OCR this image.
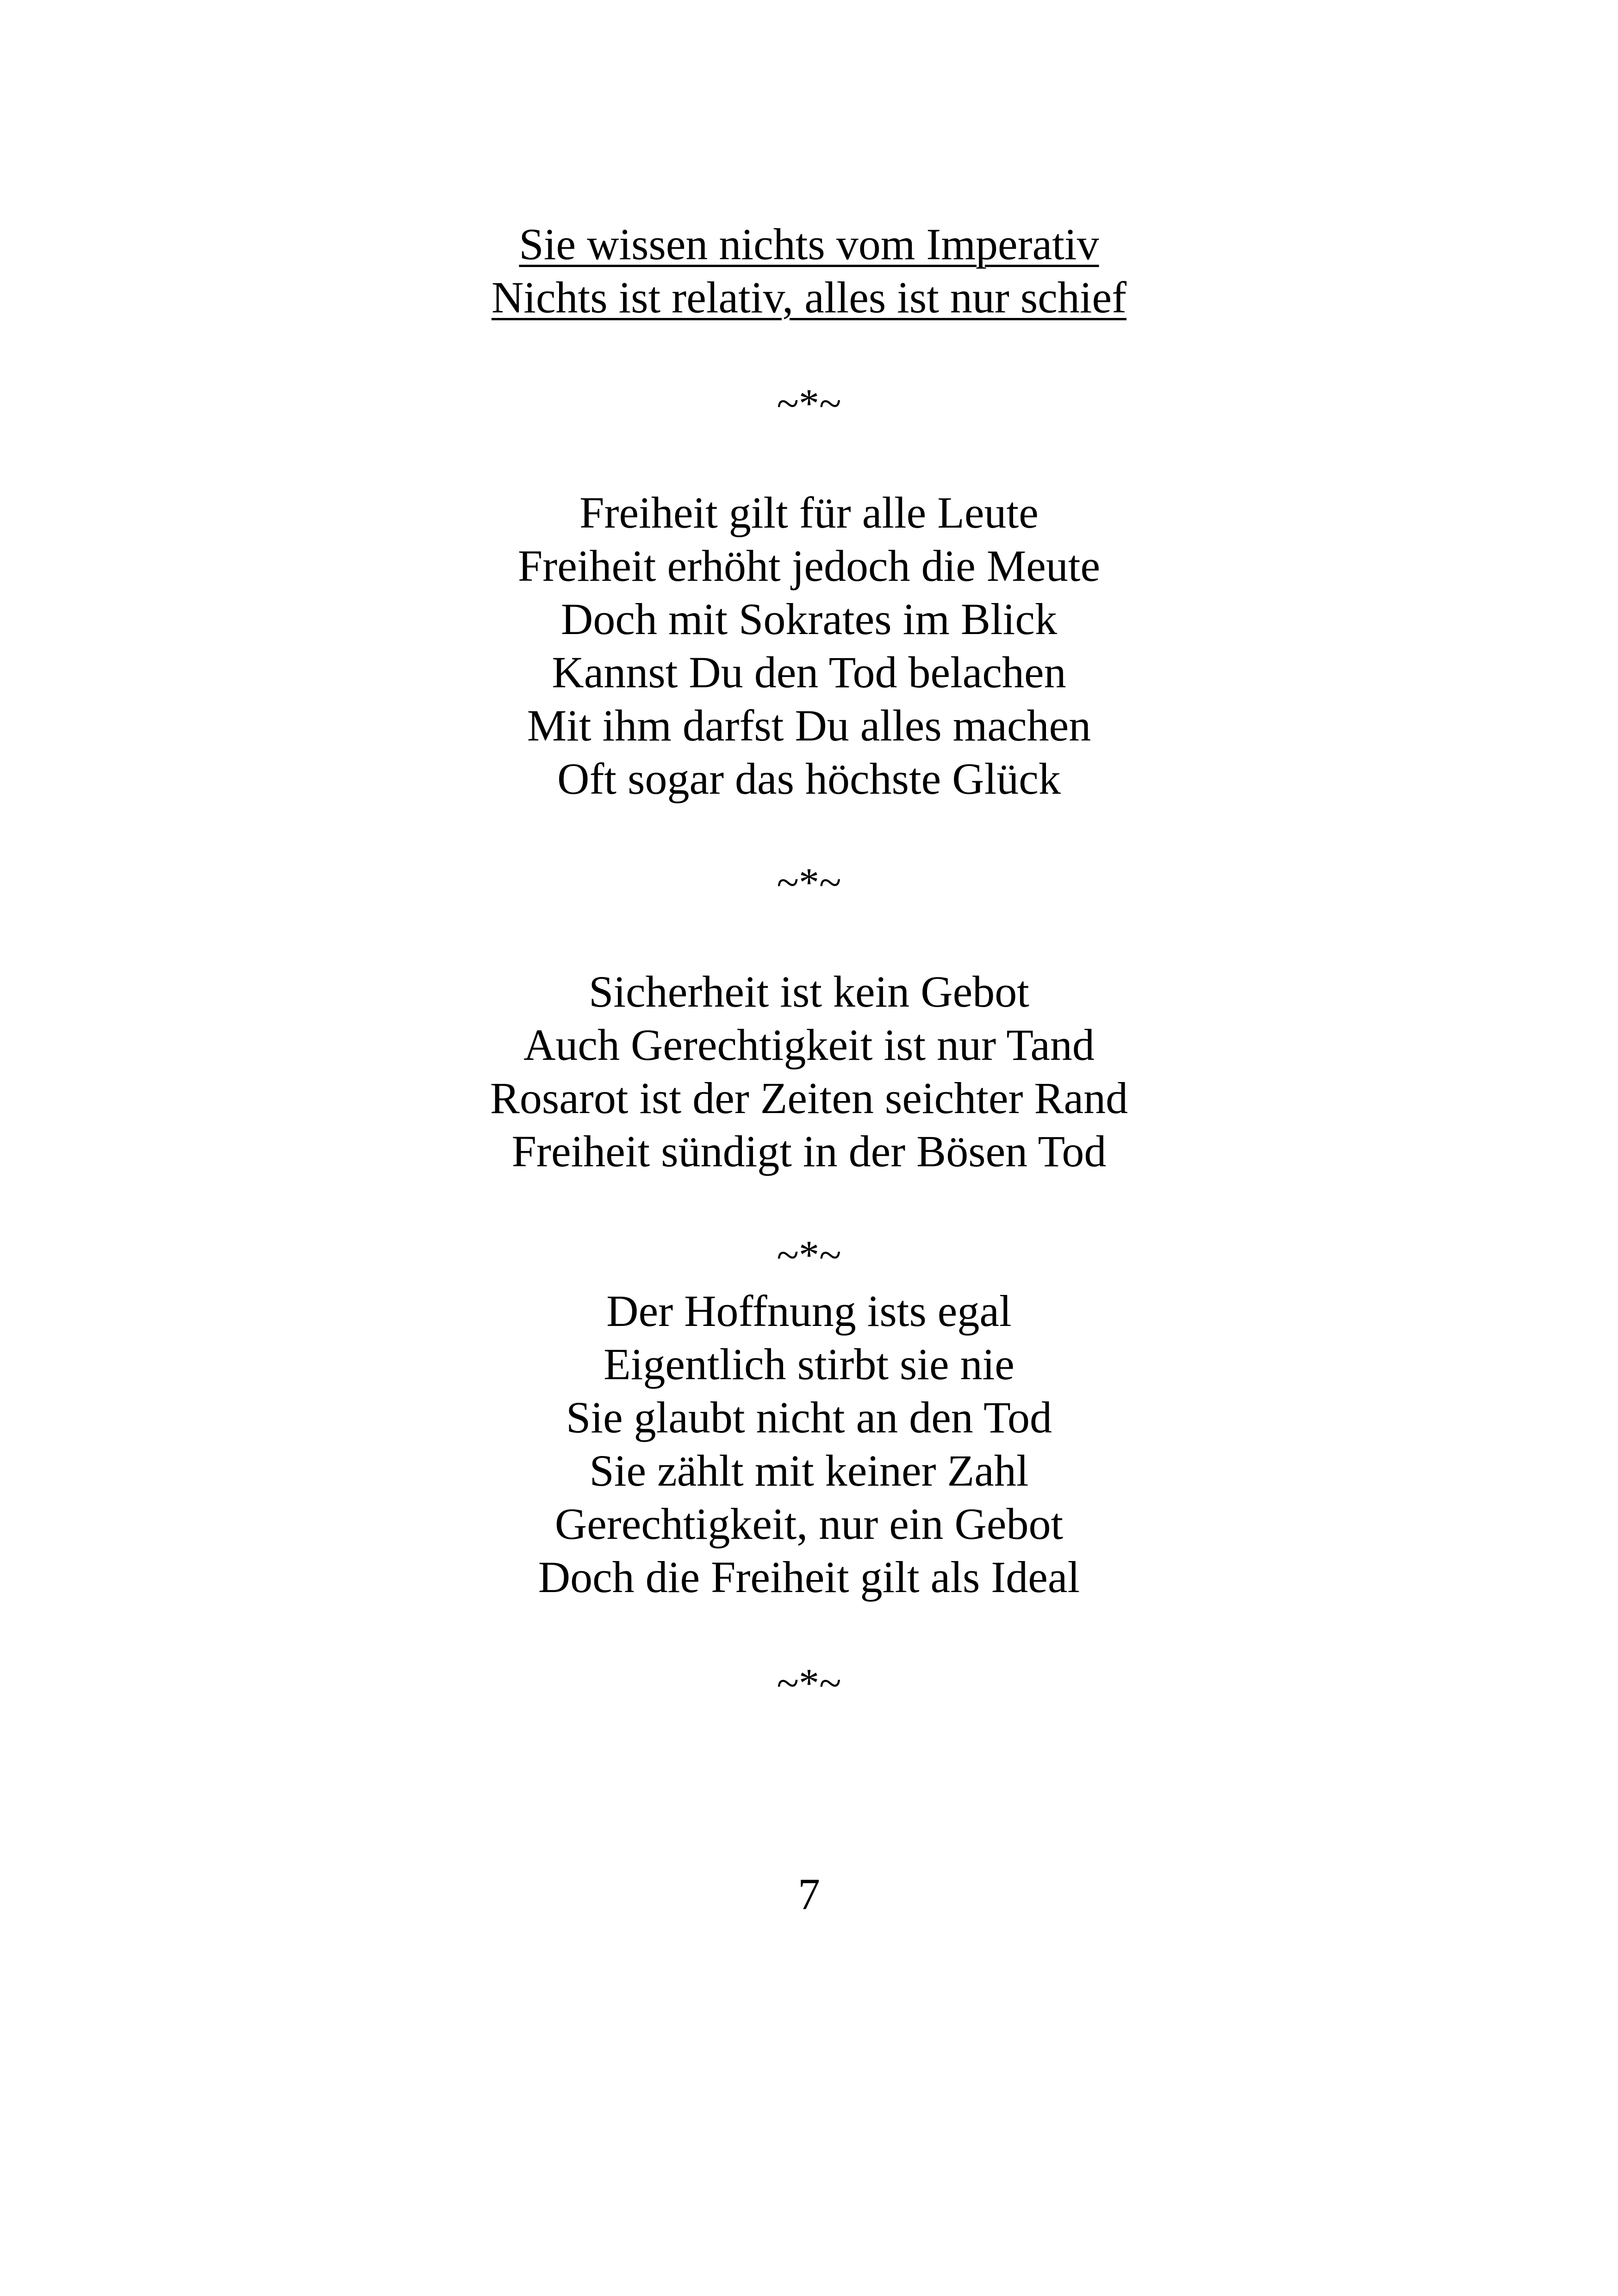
Sie wissen nichts vom Imperativ
Nichts ist relativ, alles ist nur schief
~*~
Freiheit gilt für alle Leute
Freiheit erhöht jedoch die Meute
Doch mit Sokrates im Blick
Kannst Du den Tod belachen
Mit ihm darfst Du alles machen
Oft sogar das höchste Glück
~*~
Sicherheit ist kein Gebot
Auch Gerechtigkeit ist nur Tand
Rosarot ist der Zeiten seichter Rand
Freiheit sündigt in der Bösen Tod
~*~
Der Hoffnung ists egal
Eigentlich stirbt sie nie
Sie glaubt nicht an den Tod
Sie zählt mit keiner Zahl
Gerechtigkeit, nur ein Gebot
Doch die Freiheit gilt als Ideal
~*~
7
